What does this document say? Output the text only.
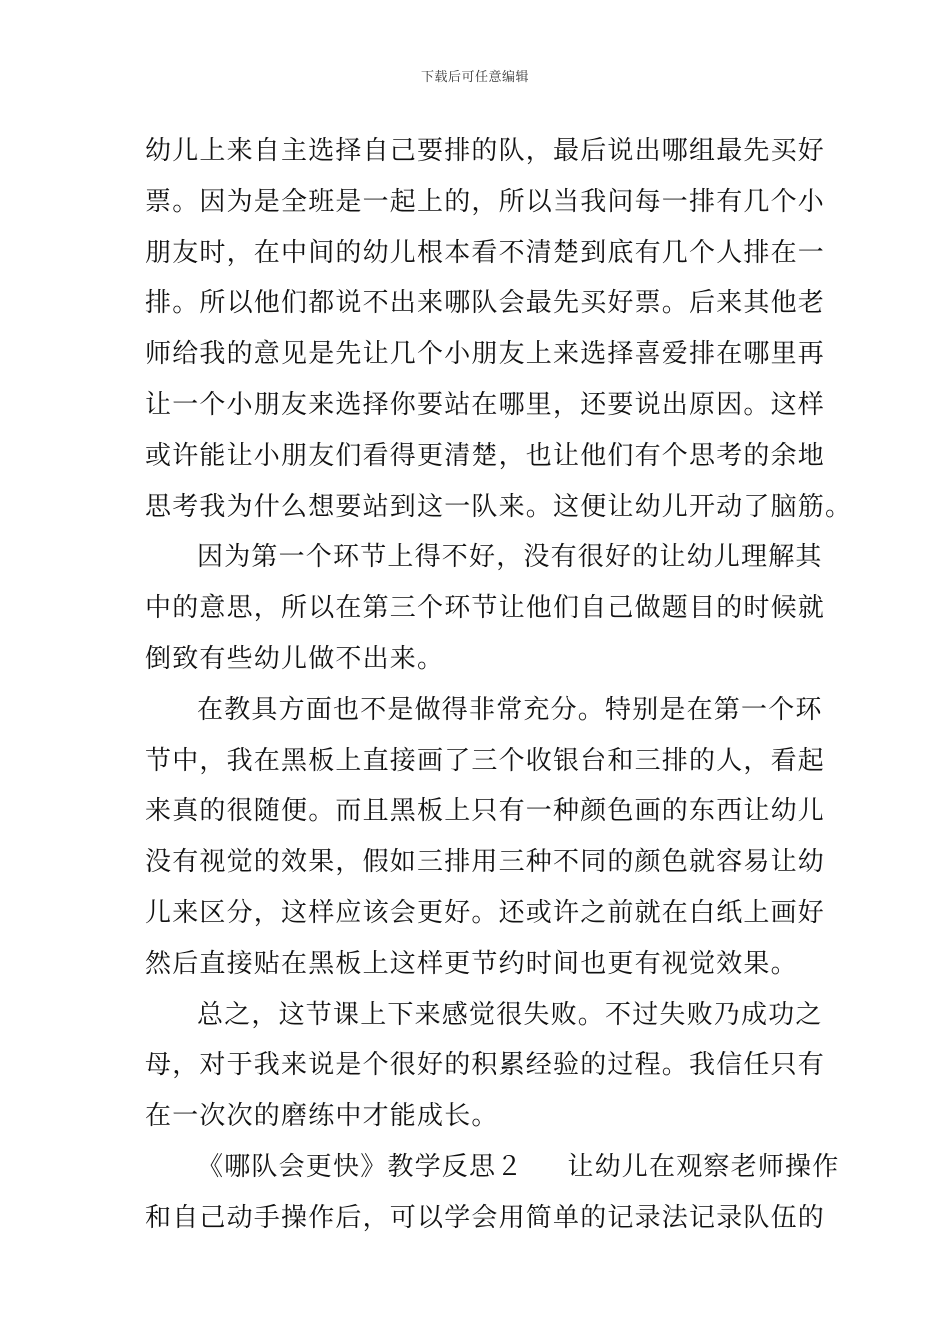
下载后可任意编辑
幼儿上来自主选择自己要排的队，最后说出哪组最先买好
票。因为是全班是一起上的，所以当我问每一排有几个小
朋友时，在中间的幼儿根本看不清楚到底有几个人排在一
排。所以他们都说不出来哪队会最先买好票。后来其他老
师给我的意见是先让几个小朋友上来选择喜爱排在哪里再
让一个小朋友来选择你要站在哪里，还要说出原因。这样
或许能让小朋友们看得更清楚，也让他们有个思考的余地
思考我为什么想要站到这一队来。这便让幼儿开动了脑筋。
因为第一个环节上得不好，没有很好的让幼儿理解其
中的意思，所以在第三个环节让他们自己做题目的时候就
倒致有些幼儿做不出来。
在教具方面也不是做得非常充分。特别是在第一个环
节中，我在黑板上直接画了三个收银台和三排的人，看起
来真的很随便。而且黑板上只有一种颜色画的东西让幼儿
没有视觉的效果，假如三排用三种不同的颜色就容易让幼
儿来区分，这样应该会更好。还或许之前就在白纸上画好
然后直接贴在黑板上这样更节约时间也更有视觉效果。
总之，这节课上下来感觉很失败。不过失败乃成功之
母，对于我来说是个很好的积累经验的过程。我信任只有
在一次次的磨练中才能成长。
《哪队会更快》教学反思２ 让幼儿在观察老师操作
和自己动手操作后，可以学会用简单的记录法记录队伍的
